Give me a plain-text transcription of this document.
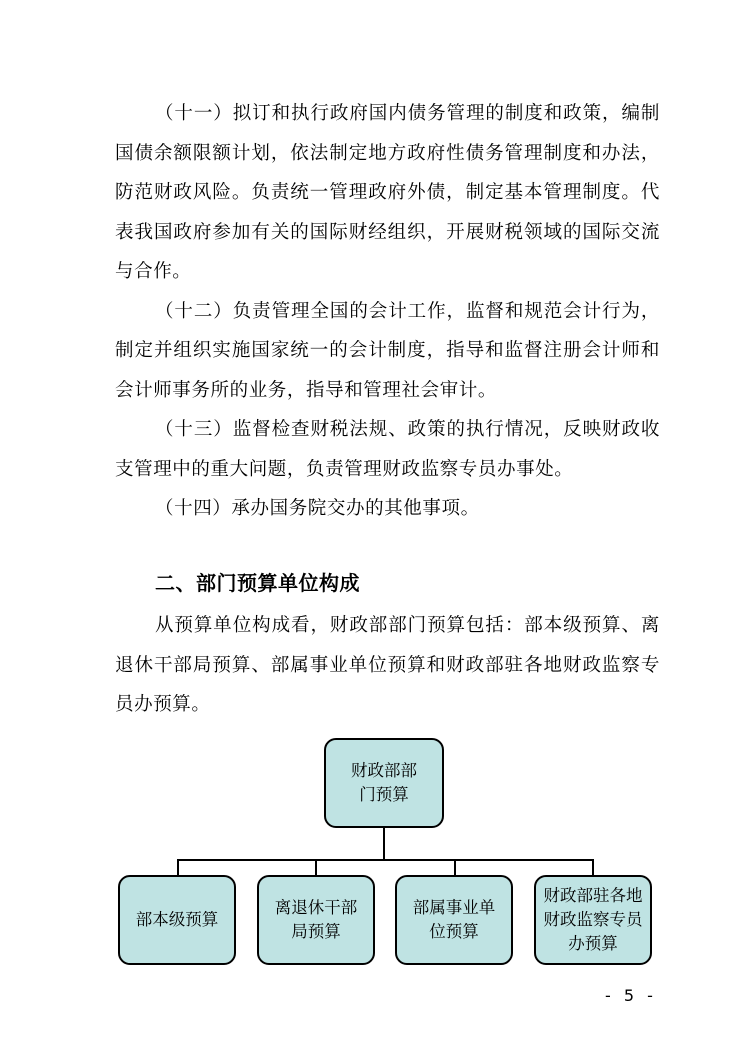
（十一）拟订和执行政府国内债务管理的制度和政策，编制国债余额限额计划，依法制定地方政府性债务管理制度和办法，防范财政风险。负责统一管理政府外债，制定基本管理制度。代表我国政府参加有关的国际财经组织，开展财税领域的国际交流与合作。

（十二）负责管理全国的会计工作，监督和规范会计行为，制定并组织实施国家统一的会计制度，指导和监督注册会计师和会计师事务所的业务，指导和管理社会审计。

（十三）监督检查财税法规、政策的执行情况，反映财政收支管理中的重大问题，负责管理财政监察专员办事处。

（十四）承办国务院交办的其他事项。

二、部门预算单位构成

从预算单位构成看，财政部部门预算包括：部本级预算、离退休干部局预算、部属事业单位预算和财政部驻各地财政监察专员办预算。

财政部部门预算
部本级预算
离退休干部局预算
部属事业单位预算
财政部驻各地财政监察专员办预算
- 5 -
